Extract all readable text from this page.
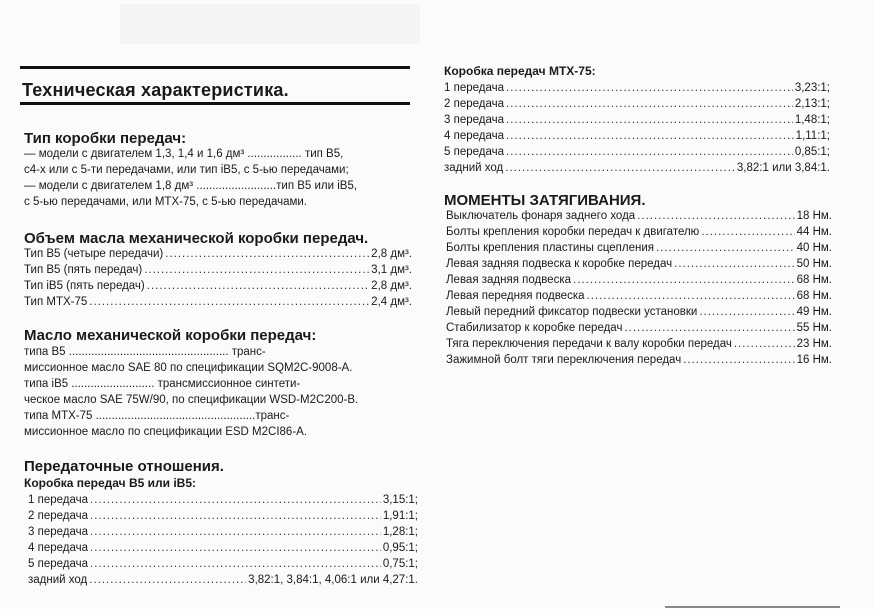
Техническая характеристика.
Тип коробки передач:
— модели с двигателем 1,3, 1,4 и 1,6 дм³ ................. тип B5,
с4-х или с 5-ти передачами, или тип iB5, с 5-ью передачами;
— модели с двигателем 1,8 дм³ .........................тип B5 или iB5,
с 5-ью передачами, или MTX-75, с 5-ью передачами.
Объем масла механической коробки передач.
Тип B5 (четыре передачи) .....	2,8 дм³.
Тип B5 (пять передач) .....	3,1 дм³.
Тип iB5 (пять передач) .....	2,8 дм³.
Тип MTX-75 .....	2,4 дм³.
Масло механической коробки передач:
типа B5 .................................................. транс-
миссионное масло SAE 80 по спецификации SQM2C-9008-A.
типа iB5 .......................... трансмиссионное синтети-
ческое масло SAE 75W/90, по спецификации WSD-M2C200-B.
типа MTX-75 ..................................................транс-
миссионное масло по спецификации ESD M2CI86-A.
Передаточные отношения.
Коробка передач B5 или iB5:
1 передача .....	3,15:1;
2 передача .....	1,91:1;
3 передача .....	1,28:1;
4 передача .....	0,95:1;
5 передача .....	0,75:1;
задний ход .....	3,82:1, 3,84:1, 4,06:1 или 4,27:1.
Коробка передач MTX-75:
1 передача .....	3,23:1;
2 передача .....	2,13:1;
3 передача .....	1,48:1;
4 передача .....	1,11:1;
5 передача .....	0,85:1;
задний ход .....	3,82:1 или 3,84:1.
МОМЕНТЫ ЗАТЯГИВАНИЯ.
Выключатель фонаря заднего хода .....	18 Нм.
Болты крепления коробки передач к двигателю .....	44 Нм.
Болты крепления пластины сцепления .....	40 Нм.
Левая задняя подвеска к коробке передач .....	50 Нм.
Левая задняя подвеска .....	68 Нм.
Левая передняя подвеска .....	68 Нм.
Левый передний фиксатор подвески установки .....	49 Нм.
Стабилизатор к коробке передач .....	55 Нм.
Тяга переключения передачи к валу коробки передач .....	23 Нм.
Зажимной болт тяги переключения передач .....	16 Нм.
